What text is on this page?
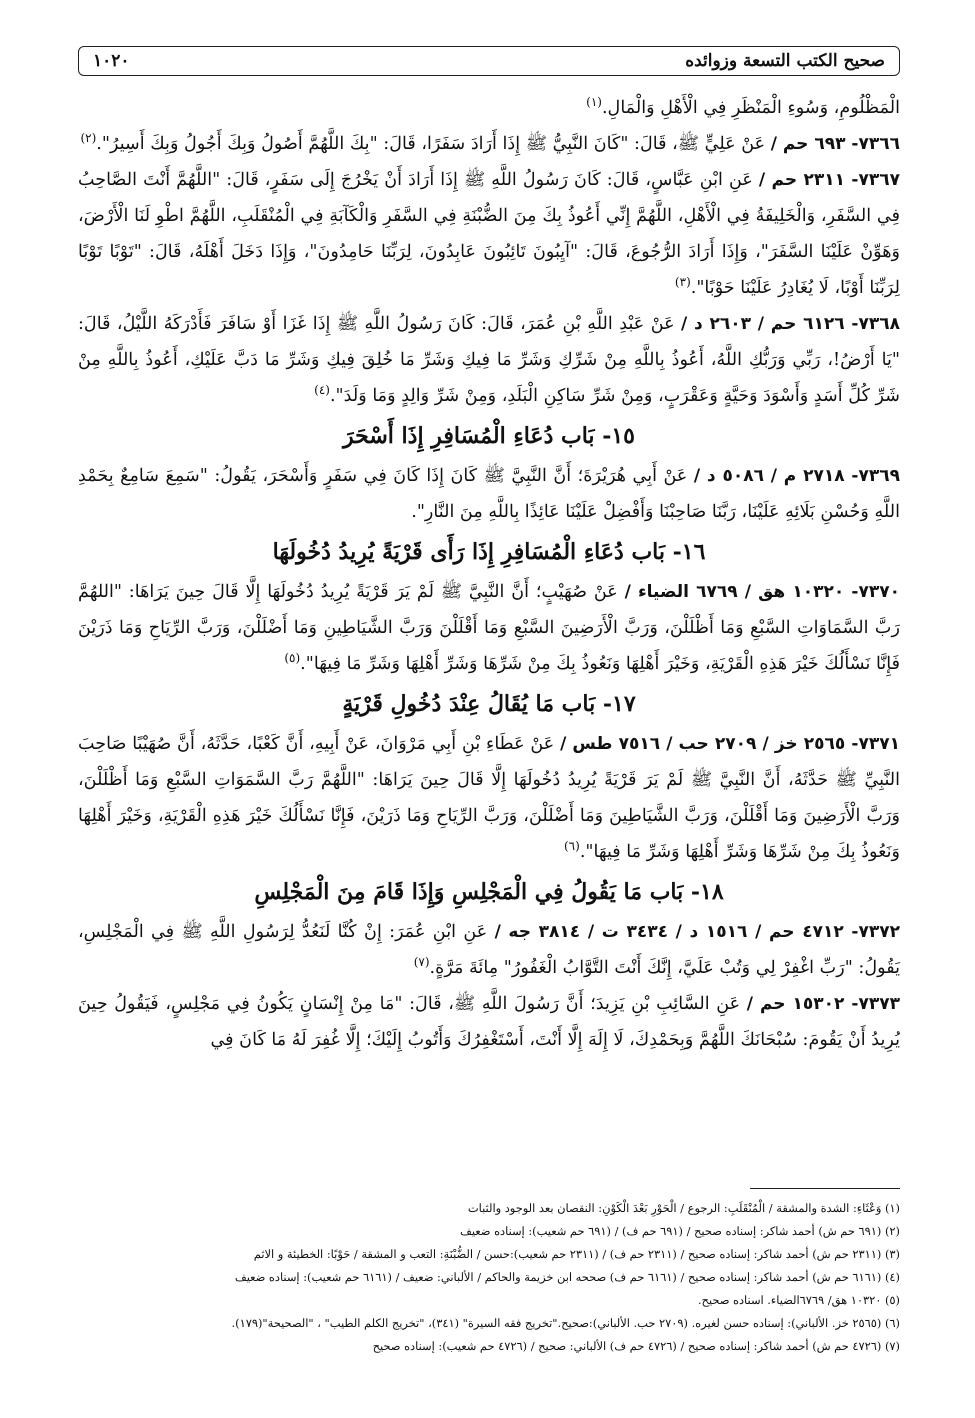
صحيح الكتب التسعة وزوائده
١٠٢٠

الْمَظْلُومِ، وَسُوءِ الْمَنْظَرِ فِي الْأَهْلِ وَالْمَالِ.$^{(١)}$

٧٣٦٦- ٦٩٣ حم / عَنْ عَلِيٍّ ﷺ، قَالَ: "كَانَ النَّبِيُّ ﷺ إِذَا أَرَادَ سَفَرًا، قَالَ: "بِكَ اللَّهُمَّ أَصُولُ وَبِكَ أَجُولُ وَبِكَ أَسِيرُ".$^{(٢)}$

٧٣٦٧- ٢٣١١ حم / عَنِ ابْنِ عَبَّاسٍ، قَالَ: كَانَ رَسُولُ اللَّهِ ﷺ إِذَا أَرَادَ أَنْ يَخْرُجَ إِلَى سَفَرٍ، قَالَ: "اللَّهُمَّ أَنْتَ الصَّاحِبُ فِي السَّفَرِ، وَالْخَلِيفَةُ فِي الْأَهْلِ، اللَّهُمَّ إِنِّي أَعُوذُ بِكَ مِنَ الضُّبْنَةِ فِي السَّفَرِ وَالْكَآبَةِ فِي الْمُنْقَلَبِ، اللَّهُمَّ اطْوِ لَنَا الْأَرْضَ، وَهَوِّنْ عَلَيْنَا السَّفَرَ"، وَإِذَا أَرَادَ الرُّجُوعَ، قَالَ: "آيِبُونَ تَائِبُونَ عَابِدُونَ، لِرَبِّنَا حَامِدُونَ"، وَإِذَا دَخَلَ أَهْلَهُ، قَالَ: "تَوْبًا تَوْبًا لِرَبِّنَا أَوْبًا، لَا يُغَادِرُ عَلَيْنَا حَوْبًا".$^{(٣)}$

٧٣٦٨- ٦١٢٦ حم / ٢٦٠٣ د / عَنْ عَبْدِ اللَّهِ بْنِ عُمَرَ، قَالَ: كَانَ رَسُولُ اللَّهِ ﷺ إِذَا غَزَا أَوْ سَافَرَ فَأَدْرَكَهُ اللَّيْلُ، قَالَ: "يَا أَرْضُ!، رَبِّي وَرَبُّكِ اللَّهُ، أَعُوذُ بِاللَّهِ مِنْ شَرِّكِ وَشَرِّ مَا فِيكِ وَشَرِّ مَا خُلِقَ فِيكِ وَشَرِّ مَا دَبَّ عَلَيْكِ، أَعُوذُ بِاللَّهِ مِنْ شَرِّ كُلِّ أَسَدٍ وَأَسْوَدَ وَحَيَّةٍ وَعَقْرَبٍ، وَمِنْ شَرِّ سَاكِنِ الْبَلَدِ، وَمِنْ شَرِّ وَالِدٍ وَمَا وَلَدَ".$^{(٤)}$

١٥- بَاب دُعَاءِ الْمُسَافِرِ إِذَا أَسْحَرَ

٧٣٦٩- ٢٧١٨ م / ٥٠٨٦ د / عَنْ أَبِي هُرَيْرَةَ؛ أَنَّ النَّبِيَّ ﷺ كَانَ إِذَا كَانَ فِي سَفَرٍ وَأَسْحَرَ، يَقُولُ: "سَمِعَ سَامِعٌ بِحَمْدِ اللَّهِ وَحُسْنِ بَلَائِهِ عَلَيْنَا، رَبَّنَا صَاحِبْنَا وَأَفْضِلْ عَلَيْنَا عَائِذًا بِاللَّهِ مِنَ النَّارِ".

١٦- بَاب دُعَاءِ الْمُسَافِرِ إِذَا رَأَى قَرْيَةً يُرِيدُ دُخُولَهَا

٧٣٧٠- ١٠٣٢٠ هق / ٦٧٦٩ الضياء / عَنْ صُهَيْبٍ؛ أَنَّ النَّبِيَّ ﷺ لَمْ يَرَ قَرْيَةً يُرِيدُ دُخُولَهَا إِلَّا قَالَ حِينَ يَرَاهَا: "اللهُمَّ رَبَّ السَّمَاوَاتِ السَّبْعِ وَمَا أَظْلَلْنَ، وَرَبَّ الْأَرَضِينَ السَّبْعِ وَمَا أَقْلَلْنَ وَرَبَّ الشَّيَاطِينِ وَمَا أَضْلَلْنَ، وَرَبَّ الرِّيَاحِ وَمَا ذَرَيْنَ فَإِنَّا نَسْأَلُكَ خَيْرَ هَذِهِ الْقَرْيَةِ، وَخَيْرَ أَهْلِهَا وَنَعُوذُ بِكَ مِنْ شَرِّهَا وَشَرِّ أَهْلِهَا وَشَرِّ مَا فِيهَا".$^{(٥)}$

١٧- بَاب مَا يُقَالُ عِنْدَ دُخُولِ قَرْيَةٍ

٧٣٧١- ٢٥٦٥ خز / ٢٧٠٩ حب / ٧٥١٦ طس / عَنْ عَطَاءِ بْنِ أَبِي مَرْوَانَ، عَنْ أَبِيهِ، أَنَّ كَعْبًا، حَدَّثَهُ، أَنَّ صُهَيْبًا صَاحِبَ النَّبِيِّ ﷺ حَدَّثَهُ، أَنَّ النَّبِيَّ ﷺ لَمْ يَرَ قَرْيَةً يُرِيدُ دُخُولَهَا إِلَّا قَالَ حِينَ يَرَاهَا: "اللَّهُمَّ رَبَّ السَّمَوَاتِ السَّبْعِ وَمَا أَظْلَلْنَ، وَرَبَّ الْأَرَضِينَ وَمَا أَقْلَلْنَ، وَرَبَّ الشَّيَاطِينَ وَمَا أَضْلَلْنَ، وَرَبَّ الرِّيَاحِ وَمَا ذَرَيْنَ، فَإِنَّا نَسْأَلُكَ خَيْرَ هَذِهِ الْقَرْيَةِ، وَخَيْرَ أَهْلِهَا وَنَعُوذُ بِكَ مِنْ شَرِّهَا وَشَرِّ أَهْلِهَا وَشَرِّ مَا فِيهَا".$^{(٦)}$

١٨- بَاب مَا يَقُولُ فِي الْمَجْلِسِ وَإِذَا قَامَ مِنَ الْمَجْلِسِ

٧٣٧٢- ٤٧١٢ حم / ١٥١٦ د / ٣٤٣٤ ت / ٣٨١٤ جه / عَنِ ابْنِ عُمَرَ: إِنْ كُنَّا لَنَعُدُّ لِرَسُولِ اللَّهِ ﷺ فِي الْمَجْلِسِ، يَقُولُ: "رَبِّ اغْفِرْ لِي وَتُبْ عَلَيَّ، إِنَّكَ أَنْتَ التَّوَّابُ الْغَفُورُ" مِائَةَ مَرَّةٍ.$^{(٧)}$

٧٣٧٣- ١٥٣٠٢ حم / عَنِ السَّائِبِ بْنِ يَزِيدَ؛ أَنَّ رَسُولَ اللَّهِ ﷺ، قَالَ: "مَا مِنْ إِنْسَانٍ يَكُونُ فِي مَجْلِسٍ، فَيَقُولُ حِينَ يُرِيدُ أَنْ يَقُومَ: سُبْحَانَكَ اللَّهُمَّ وَبِحَمْدِكَ، لَا إِلَهَ إِلَّا أَنْتَ، أَسْتَغْفِرُكَ وَأَتُوبُ إِلَيْكَ؛ إِلَّا غُفِرَ لَهُ مَا كَانَ فِي

(١) وَعْثَاءِ: الشدة والمشقة / الْمُنْقَلَبِ: الرجوع / الْحَوْرِ بَعْدَ الْكَوْنِ: النقصان بعد الوجود والثبات

(٢) (٦٩١ حم ش) أحمد شاكر: إسناده صحيح / (٦٩١ حم ف) / (٦٩١ حم شعيب): إسناده ضعيف

(٣) (٢٣١١ حم ش) أحمد شاكر: إسناده صحيح / (٢٣١١ حم ف) / (٢٣١١ حم شعيب):حسن / الضُّبْنَةِ: التعب و المشقة / حَوْبًا: الخطيئة و الاثم

(٤) (٦١٦١ حم ش) أحمد شاكر: إسناده صحيح / (٦١٦١ حم ف) صححه ابن خزيمة والحاكم / الألباني: ضعيف / (٦١٦١ حم شعيب): إسناده ضعيف

(٥) ١٠٣٢٠ هق/ ٦٧٦٩الضياء. اسناده صحيح.

(٦) (٢٥٦٥ خز. الألباني): إسناده حسن لغيره. (٢٧٠٩ حب. الألباني):صحيح."تخريج فقه السيرة" (٣٤١)، "تخريج الكلم الطيب" ، "الصحيحة"(١٧٩).

(٧) (٤٧٢٦ حم ش) أحمد شاكر: إسناده صحيح / (٤٧٢٦ حم ف) الألباني: صحيح / (٤٧٢٦ حم شعيب): إسناده صحيح
